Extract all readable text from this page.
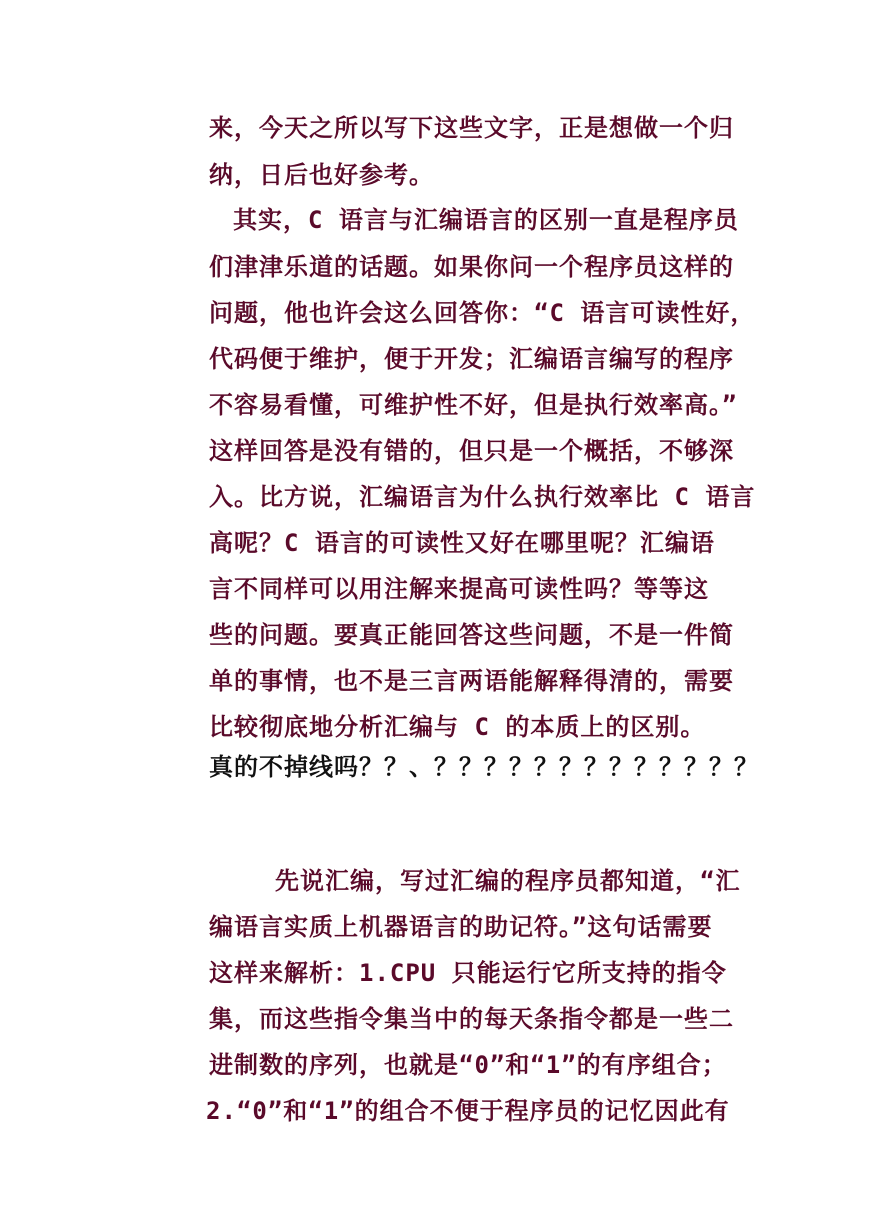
来，今天之所以写下这些文字，正是想做一个归
纳，日后也好参考。
其实，C 语言与汇编语言的区别一直是程序员
们津津乐道的话题。如果你问一个程序员这样的
问题，他也许会这么回答你：“C 语言可读性好，
代码便于维护，便于开发；汇编语言编写的程序
不容易看懂，可维护性不好，但是执行效率高。”
这样回答是没有错的，但只是一个概括，不够深
入。比方说，汇编语言为什么执行效率比 C 语言
高呢？C 语言的可读性又好在哪里呢？汇编语
言不同样可以用注解来提高可读性吗？等等这
些的问题。要真正能回答这些问题，不是一件简
单的事情，也不是三言两语能解释得清的，需要
比较彻底地分析汇编与 C 的本质上的区别。
真的不掉线吗？？、？？？？？？？？？？？？？
先说汇编，写过汇编的程序员都知道，“汇
编语言实质上机器语言的助记符。”这句话需要
这样来解析：1.CPU 只能运行它所支持的指令
集，而这些指令集当中的每天条指令都是一些二
进制数的序列，也就是“0”和“1”的有序组合；
2.“0”和“1”的组合不便于程序员的记忆因此有
